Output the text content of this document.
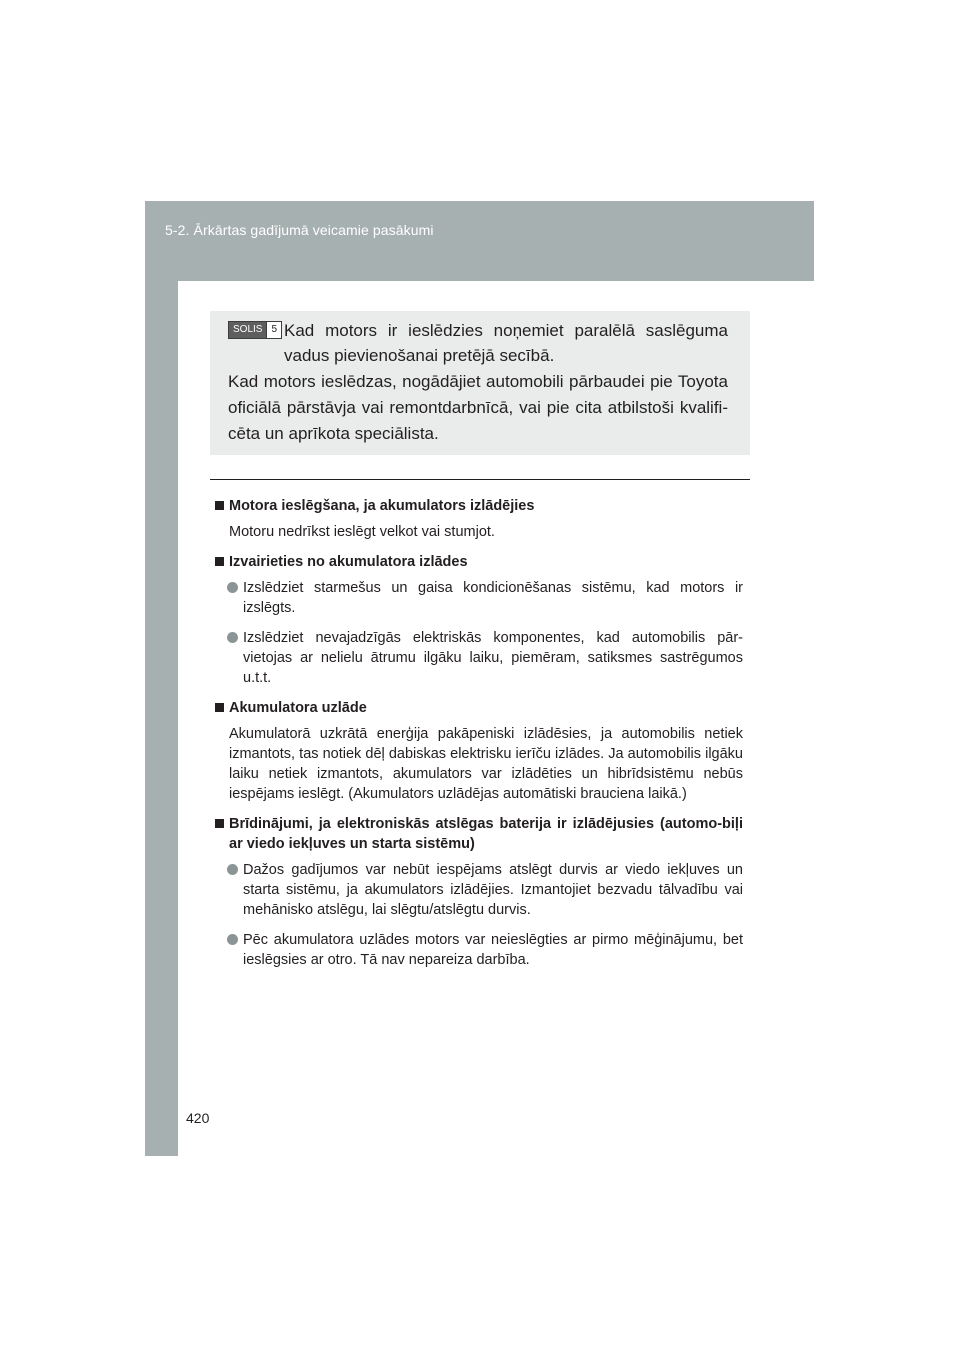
5-2. Ārkārtas gadījumā veicamie pasākumi
420
SOLIS 5 Kad motors ir ieslēdzies noņemiet paralēlā saslēguma
vadus pievienošanai pretējā secībā.
Kad motors ieslēdzas, nogādājiet automobili pārbaudei pie Toyota oficiālā pārstāvja vai remontdarbnīcā, vai pie cita atbilstoši kvalifi-cēta un aprīkota speciālista.
Motora ieslēgšana, ja akumulators izlādējies
Motoru nedrīkst ieslēgt velkot vai stumjot.
Izvairieties no akumulatora izlādes
Izslēdziet starmešus un gaisa kondicionēšanas sistēmu, kad motors ir izslēgts.
Izslēdziet nevajadzīgās elektriskās komponentes, kad automobilis pār-vietojas ar nelielu ātrumu ilgāku laiku, piemēram, satiksmes sastrēgumos u.t.t.
Akumulatora uzlāde
Akumulatorā uzkrātā enerģija pakāpeniski izlādēsies, ja automobilis netiek izmantots, tas notiek dēļ dabiskas elektrisku ierīču izlādes. Ja automobilis ilgāku laiku netiek izmantots, akumulators var izlādēties un hibrīdsistēmu nebūs iespējams ieslēgt. (Akumulators uzlādējas automātiski brauciena laikā.)
Brīdinājumi, ja elektroniskās atslēgas baterija ir izlādējusies (automo-biļi ar viedo iekļuves un starta sistēmu)
Dažos gadījumos var nebūt iespējams atslēgt durvis ar viedo iekļuves un starta sistēmu, ja akumulators izlādējies. Izmantojiet bezvadu tālvadību vai mehānisko atslēgu, lai slēgtu/atslēgtu durvis.
Pēc akumulatora uzlādes motors var neieslēgties ar pirmo mēģinājumu, bet ieslēgsies ar otro. Tā nav nepareiza darbība.
